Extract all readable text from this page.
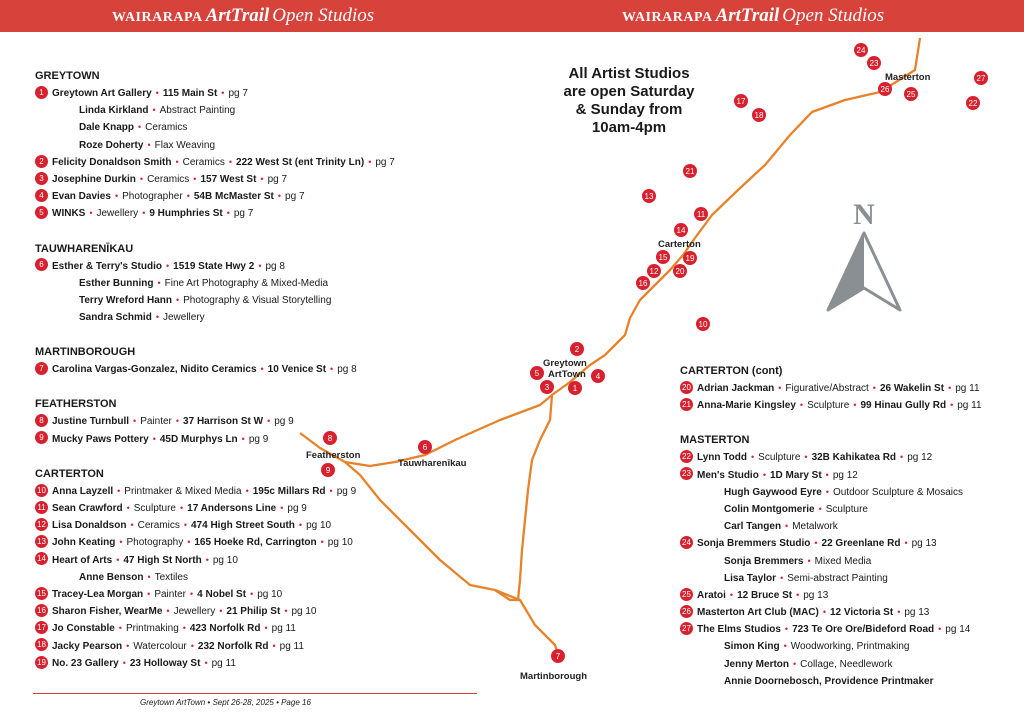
WAIRARAPA ArtTrail Open Studios	WAIRARAPA ArtTrail Open Studios
N
Masterton
Carterton
Greytown
ArtTown
Featherston
Tauwharenīkau
Martinborough
24
23
26
25
27
22
17
18
21
13
11
14
15 19
12 20
16
10
2
5	4
3	1
6
8
9
7
All Artist Studios
are open Saturday
& Sunday from
10am-4pm
GREYTOWN
1 Greytown Art Gallery • 115 Main St • pg 7
Linda Kirkland • Abstract Painting
Dale Knapp • Ceramics
Roze Doherty • Flax Weaving
2 Felicity Donaldson Smith • Ceramics • 222 West St (ent Trinity Ln) • pg 7
3 Josephine Durkin • Ceramics • 157 West St • pg 7
4 Evan Davies • Photographer • 54B McMaster St • pg 7
5 WINKS • Jewellery • 9 Humphries St • pg 7
TAUWHARENĪKAU
6 Esther & Terry's Studio • 1519 State Hwy 2 • pg 8
Esther Bunning • Fine Art Photography & Mixed-Media
Terry Wreford Hann • Photography & Visual Storytelling
Sandra Schmid • Jewellery
MARTINBOROUGH
7 Carolina Vargas-Gonzalez, Nidito Ceramics • 10 Venice St • pg 8
FEATHERSTON
8 Justine Turnbull • Painter • 37 Harrison St W • pg 9
9 Mucky Paws Pottery • 45D Murphys Ln • pg 9
CARTERTON
10 Anna Layzell • Printmaker & Mixed Media • 195c Millars Rd • pg 9
11 Sean Crawford • Sculpture • 17 Andersons Line • pg 9
12 Lisa Donaldson • Ceramics • 474 High Street South • pg 10
13 John Keating • Photography • 165 Hoeke Rd, Carrington • pg 10
14 Heart of Arts • 47 High St North • pg 10
Anne Benson • Textiles
15 Tracey-Lea Morgan • Painter • 4 Nobel St • pg 10
16 Sharon Fisher, WearMe • Jewellery • 21 Philip St • pg 10
17 Jo Constable • Printmaking • 423 Norfolk Rd • pg 11
18 Jacky Pearson • Watercolour • 232 Norfolk Rd • pg 11
19 No. 23 Gallery • 23 Holloway St • pg 11
CARTERTON (cont)
20 Adrian Jackman • Figurative/Abstract • 26 Wakelin St • pg 11
21 Anna-Marie Kingsley • Sculpture • 99 Hinau Gully Rd • pg 11
MASTERTON
22 Lynn Todd • Sculpture • 32B Kahikatea Rd • pg 12
23 Men's Studio • 1D Mary St • pg 12
Hugh Gaywood Eyre • Outdoor Sculpture & Mosaics
Colin Montgomerie • Sculpture
Carl Tangen • Metalwork
24 Sonja Bremmers Studio • 22 Greenlane Rd • pg 13
Sonja Bremmers • Mixed Media
Lisa Taylor • Semi-abstract Painting
25 Aratoi • 12 Bruce St • pg 13
26 Masterton Art Club (MAC) • 12 Victoria St • pg 13
27 The Elms Studios • 723 Te Ore Ore/Bideford Road • pg 14
Simon King • Woodworking, Printmaking
Jenny Merton • Collage, Needlework
Annie Doornebosch, Providence Printmaker
Greytown ArtTown • Sept 26-28, 2025 • Page 16
